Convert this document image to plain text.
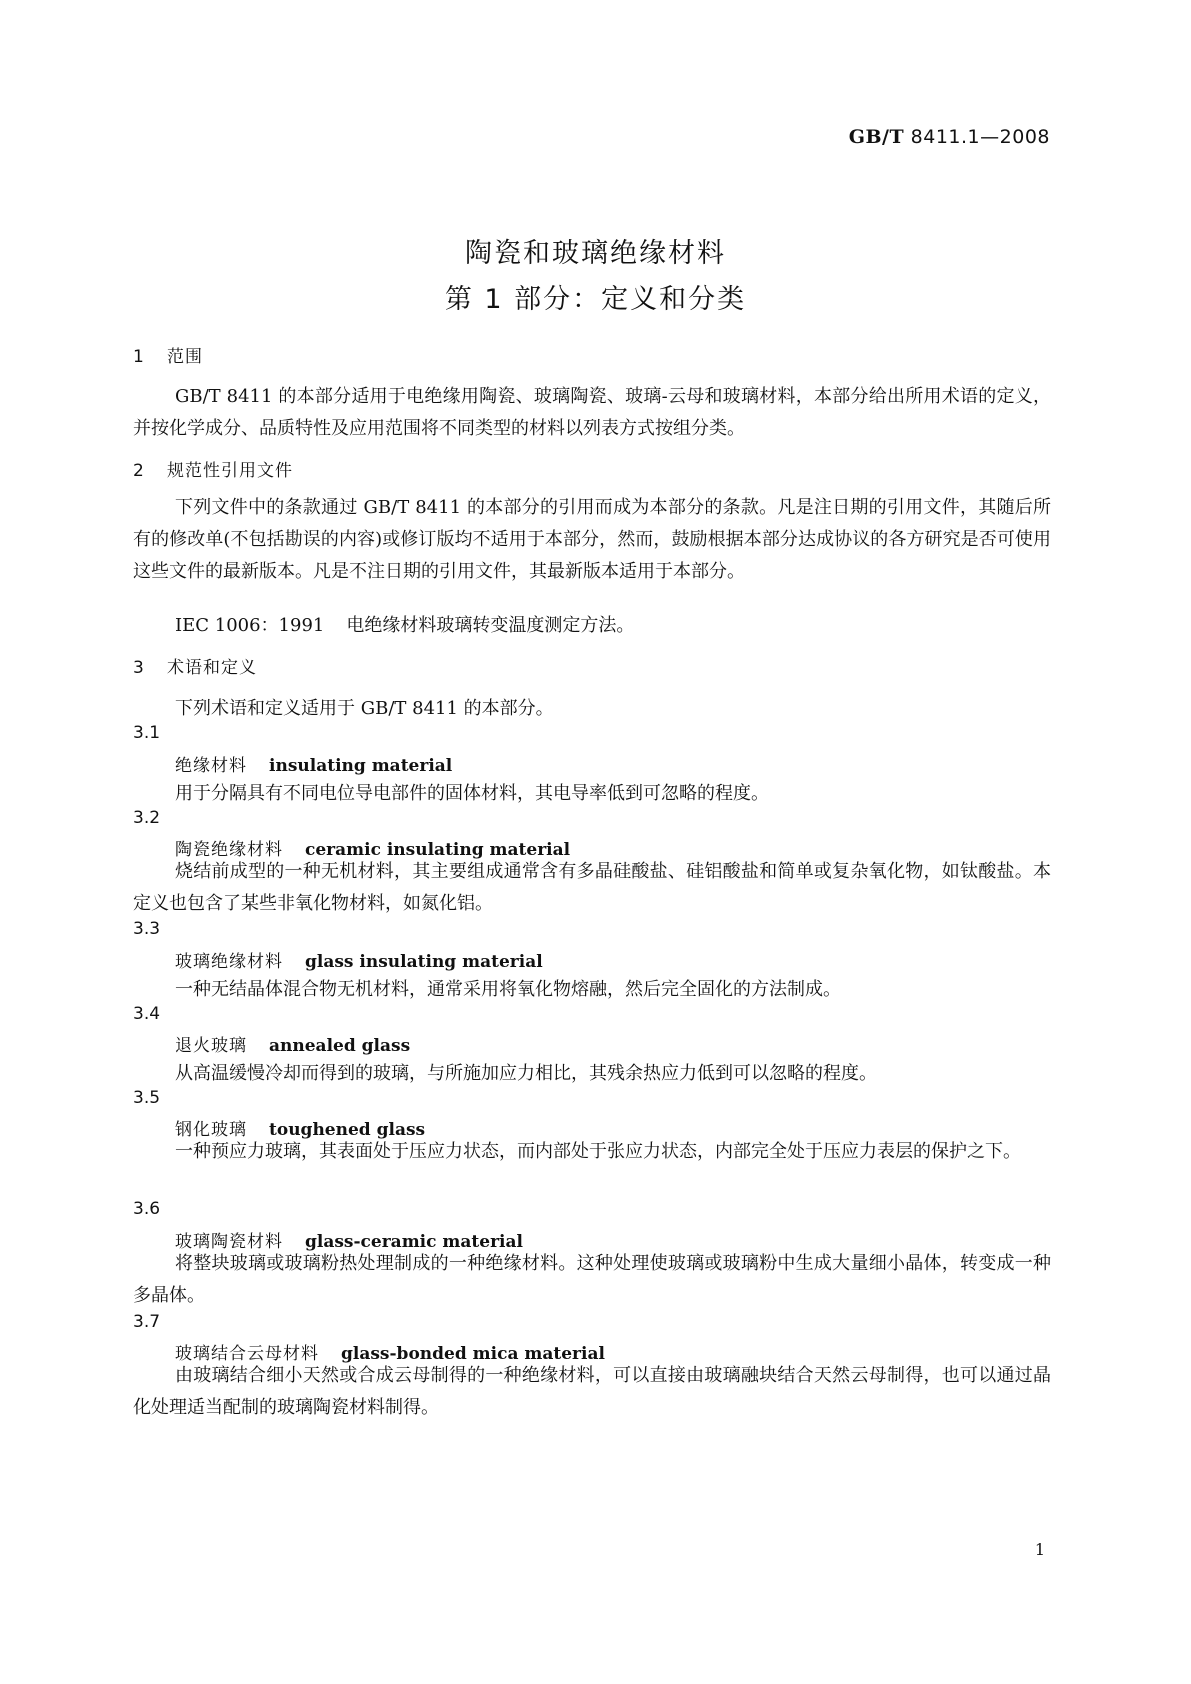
GB/T 8411.1—2008
陶瓷和玻璃绝缘材料
第 1 部分：定义和分类
1 范围

GB/T 8411 的本部分适用于电绝缘用陶瓷、玻璃陶瓷、玻璃-云母和玻璃材料，本部分给出所用术语的定义，并按化学成分、品质特性及应用范围将不同类型的材料以列表方式按组分类。

2 规范性引用文件

下列文件中的条款通过 GB/T 8411 的本部分的引用而成为本部分的条款。凡是注日期的引用文件，其随后所有的修改单(不包括勘误的内容)或修订版均不适用于本部分，然而，鼓励根据本部分达成协议的各方研究是否可使用这些文件的最新版本。凡是不注日期的引用文件，其最新版本适用于本部分。

IEC 1006：1991 电绝缘材料玻璃转变温度测定方法。
3 术语和定义
下列术语和定义适用于 GB/T 8411 的本部分。
3.1
绝缘材料 insulating material
用于分隔具有不同电位导电部件的固体材料，其电导率低到可忽略的程度。
3.2
陶瓷绝缘材料 ceramic insulating material

烧结前成型的一种无机材料，其主要组成通常含有多晶硅酸盐、硅铝酸盐和简单或复杂氧化物，如钛酸盐。本定义也包含了某些非氧化物材料，如氮化铝。

3.3
玻璃绝缘材料 glass insulating material
一种无结晶体混合物无机材料，通常采用将氧化物熔融，然后完全固化的方法制成。
3.4
退火玻璃 annealed glass
从高温缓慢冷却而得到的玻璃，与所施加应力相比，其残余热应力低到可以忽略的程度。
3.5
钢化玻璃 toughened glass

一种预应力玻璃，其表面处于压应力状态，而内部处于张应力状态，内部完全处于压应力表层的保护之下。

3.6
玻璃陶瓷材料 glass-ceramic material

将整块玻璃或玻璃粉热处理制成的一种绝缘材料。这种处理使玻璃或玻璃粉中生成大量细小晶体，转变成一种多晶体。

3.7
玻璃结合云母材料 glass-bonded mica material

由玻璃结合细小天然或合成云母制得的一种绝缘材料，可以直接由玻璃融块结合天然云母制得，也可以通过晶化处理适当配制的玻璃陶瓷材料制得。

1
